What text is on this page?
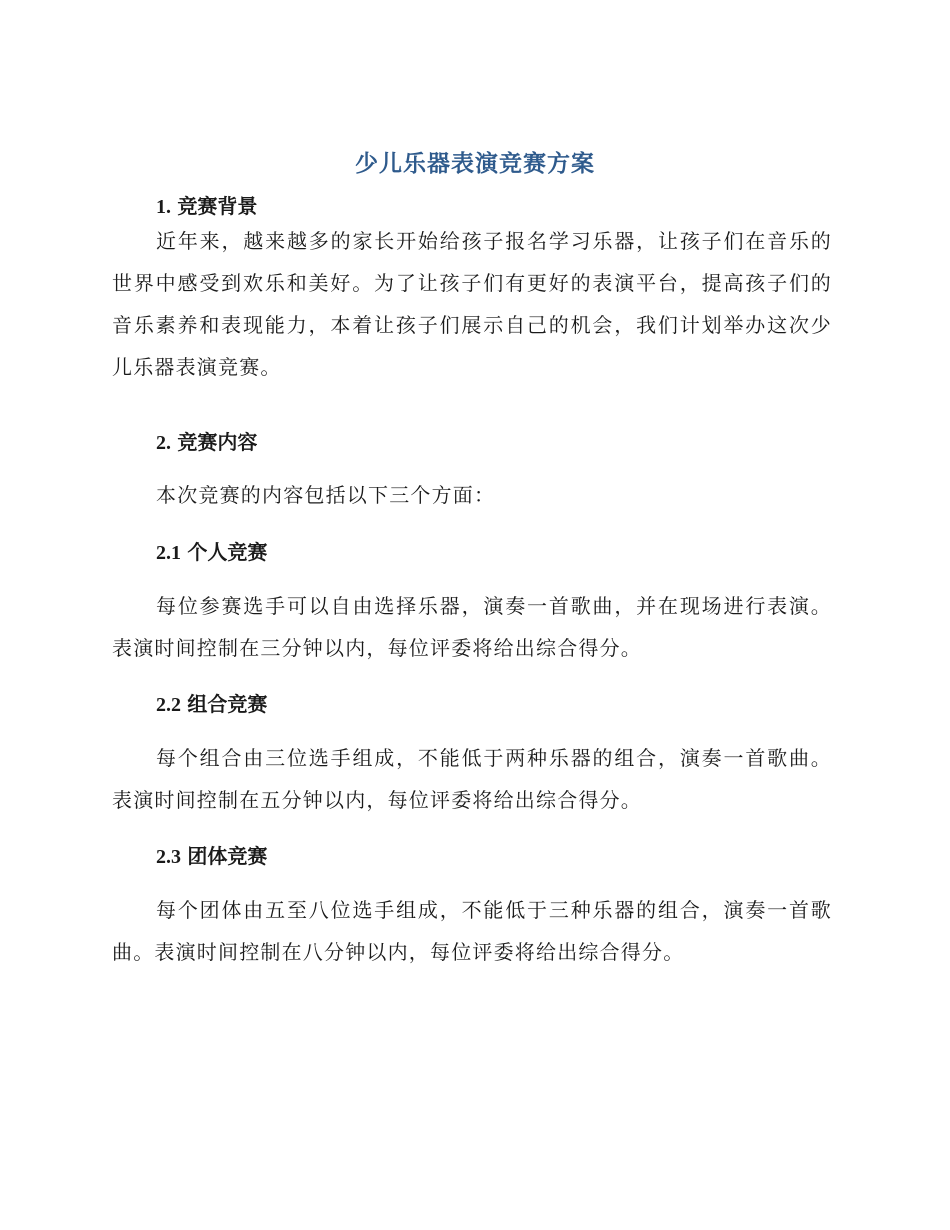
少儿乐器表演竞赛方案
1. 竞赛背景

近年来，越来越多的家长开始给孩子报名学习乐器，让孩子们在音乐的世界中感受到欢乐和美好。为了让孩子们有更好的表演平台，提高孩子们的音乐素养和表现能力，本着让孩子们展示自己的机会，我们计划举办这次少儿乐器表演竞赛。

2. 竞赛内容

本次竞赛的内容包括以下三个方面：

2.1 个人竞赛

每位参赛选手可以自由选择乐器，演奏一首歌曲，并在现场进行表演。表演时间控制在三分钟以内，每位评委将给出综合得分。

2.2 组合竞赛

每个组合由三位选手组成，不能低于两种乐器的组合，演奏一首歌曲。表演时间控制在五分钟以内，每位评委将给出综合得分。

2.3 团体竞赛

每个团体由五至八位选手组成，不能低于三种乐器的组合，演奏一首歌曲。表演时间控制在八分钟以内，每位评委将给出综合得分。
